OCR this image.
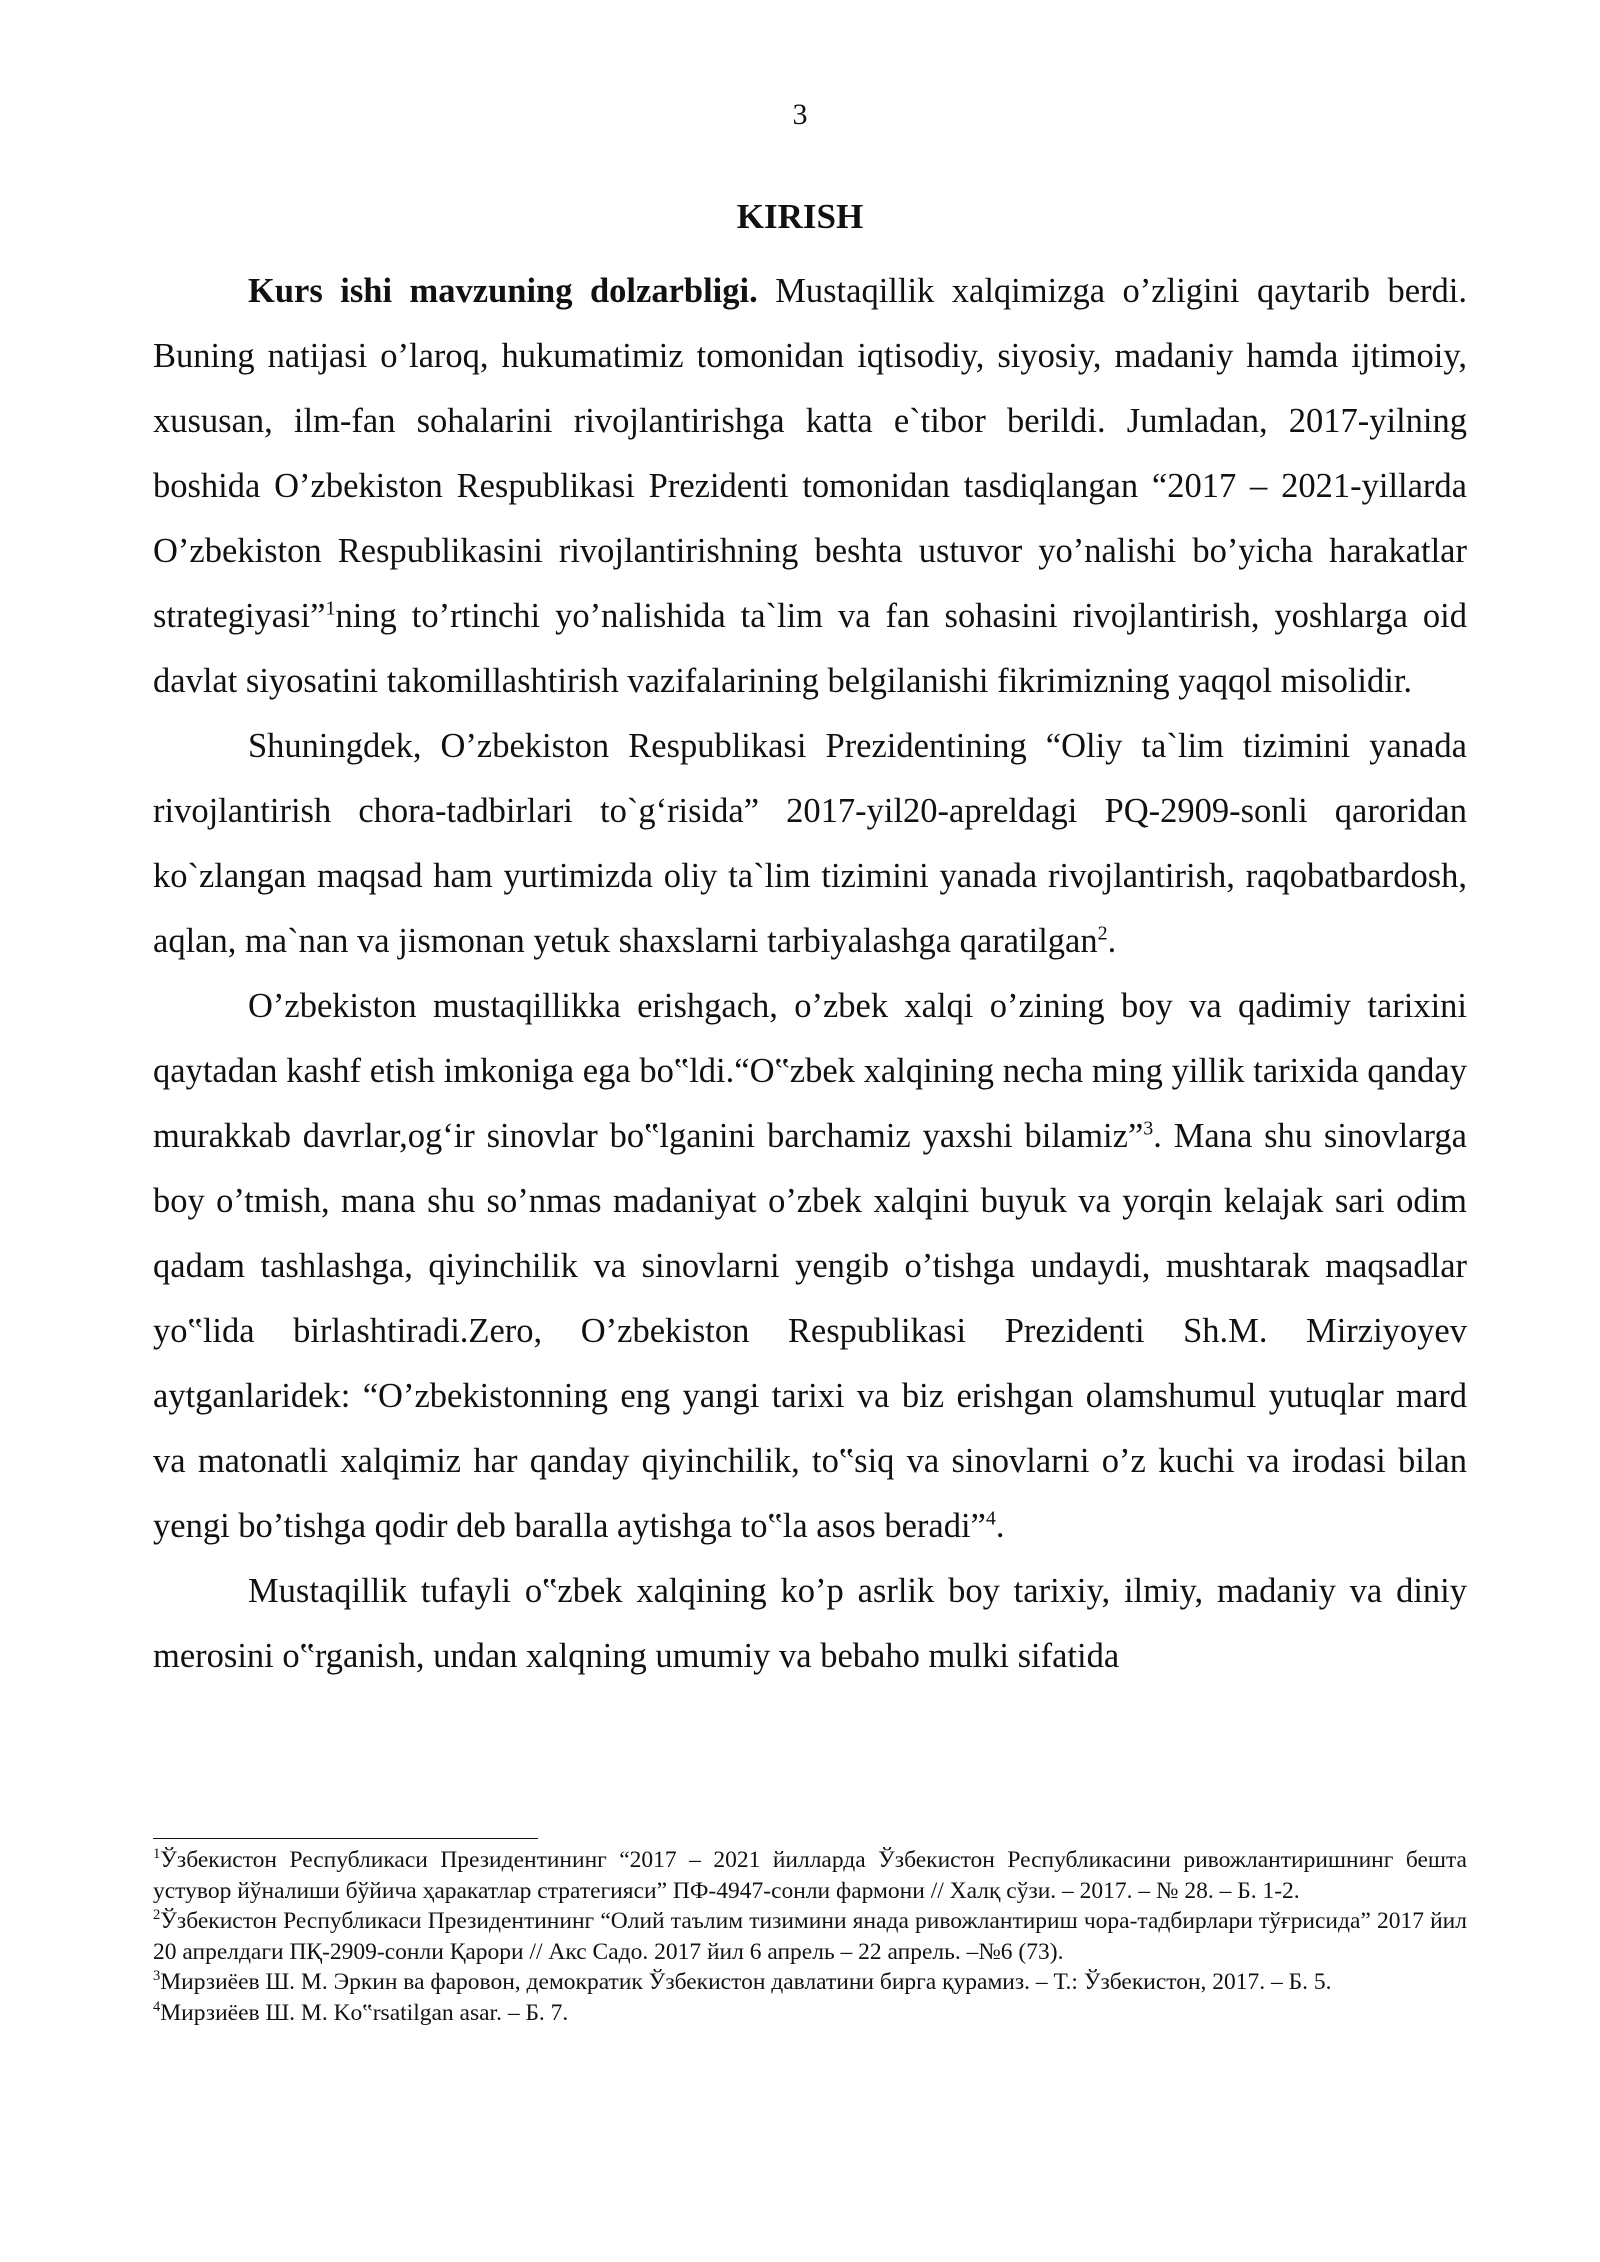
3
KIRISH

Kurs ishi mavzuning dolzarbligi. Mustaqillik xalqimizga o’zligini qaytarib berdi. Buning natijasi o’laroq, hukumatimiz tomonidan iqtisodiy, siyosiy, madaniy hamda ijtimoiy, xususan, ilm-fan sohalarini rivojlantirishga katta e`tibor berildi. Jumladan, 2017-yilning boshida O’zbekiston Respublikasi Prezidenti tomonidan tasdiqlangan “2017 – 2021-yillarda O’zbekiston Respublikasini rivojlantirishning beshta ustuvor yo’nalishi bo’yicha harakatlar strategiyasi”$^1$ning to’rtinchi yo’nalishida ta`lim va fan sohasini rivojlantirish, yoshlarga oid davlat siyosatini takomillashtirish vazifalarining belgilanishi fikrimizning yaqqol misolidir.

Shuningdek, O’zbekiston Respublikasi Prezidentining “Oliy ta`lim tizimini yanada rivojlantirish chora-tadbirlari to`g‘risida” 2017-yil20-apreldagi PQ-2909-sonli qaroridan ko`zlangan maqsad ham yurtimizda oliy ta`lim tizimini yanada rivojlantirish, raqobatbardosh, aqlan, ma`nan va jismonan yetuk shaxslarni tarbiyalashga qaratilgan$^2$.

O’zbekiston mustaqillikka erishgach, o’zbek xalqi o’zining boy va qadimiy tarixini qaytadan kashf etish imkoniga ega bo‟ldi.“O‟zbek xalqining necha ming yillik tarixida qanday murakkab davrlar,og‘ir sinovlar bo‟lganini barchamiz yaxshi bilamiz”$^3$. Mana shu sinovlarga boy o’tmish, mana shu so’nmas madaniyat o’zbek xalqini buyuk va yorqin kelajak sari odim qadam tashlashga, qiyinchilik va sinovlarni yengib o’tishga undaydi, mushtarak maqsadlar yo‟lida birlashtiradi.Zero, O’zbekiston Respublikasi Prezidenti Sh.M. Mirziyoyev aytganlaridek: “O’zbekistonning eng yangi tarixi va biz erishgan olamshumul yutuqlar mard va matonatli xalqimiz har qanday qiyinchilik, to‟siq va sinovlarni o’z kuchi va irodasi bilan yengi bo’tishga qodir deb baralla aytishga to‟la asos beradi”$^4$.

Mustaqillik tufayli o‟zbek xalqining ko’p asrlik boy tarixiy, ilmiy, madaniy va diniy merosini o‟rganish, undan xalqning umumiy va bebaho mulki sifatida

$^1$Ўзбекистон Республикаси Президентининг “2017 – 2021 йилларда Ўзбекистон Республикасини ривожлантиришнинг бешта устувор йўналиши бўйича ҳаракатлар стратегияси” ПФ-4947-сонли фармони // Халқ сўзи. – 2017. – № 28. – Б. 1-2.

$^2$Ўзбекистон Республикаси Президентининг “Олий таълим тизимини янада ривожлантириш чора-тадбирлари тўғрисида” 2017 йил 20 апрелдаги ПҚ-2909-сонли Қарори // Акс Садо. 2017 йил 6 апрель – 22 апрель. –№6 (73).

$^3$Мирзиёев Ш. М. Эркин ва фаровон, демократик Ўзбекистон давлатини бирга қурамиз. – Т.: Ўзбекистон, 2017. – Б. 5.

$^4$Мирзиёев Ш. М. Ko‟rsatilgan asar. – Б. 7.
